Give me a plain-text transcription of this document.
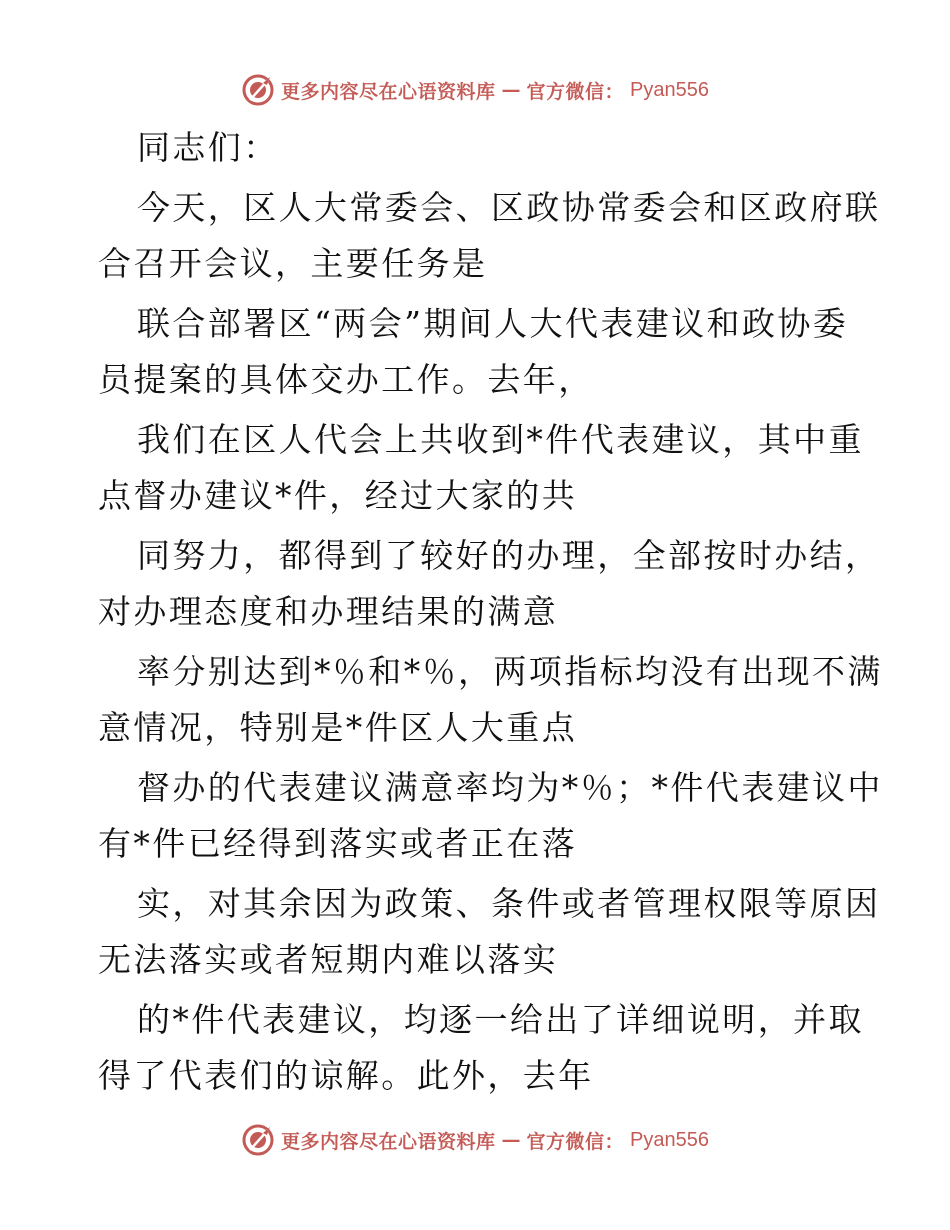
更多内容尽在心语资料库 — 官方微信： Pyan556
同志们：
今天，区人大常委会、区政协常委会和区政府联
合召开会议，主要任务是
联合部署区“两会”期间人大代表建议和政协委
员提案的具体交办工作。去年，
我们在区人代会上共收到*件代表建议，其中重
点督办建议*件，经过大家的共
同努力，都得到了较好的办理，全部按时办结，
对办理态度和办理结果的满意
率分别达到*％和*％，两项指标均没有出现不满
意情况，特别是*件区人大重点
督办的代表建议满意率均为*％；*件代表建议中
有*件已经得到落实或者正在落
实，对其余因为政策、条件或者管理权限等原因
无法落实或者短期内难以落实
的*件代表建议，均逐一给出了详细说明，并取
得了代表们的谅解。此外，去年
更多内容尽在心语资料库 — 官方微信： Pyan556
